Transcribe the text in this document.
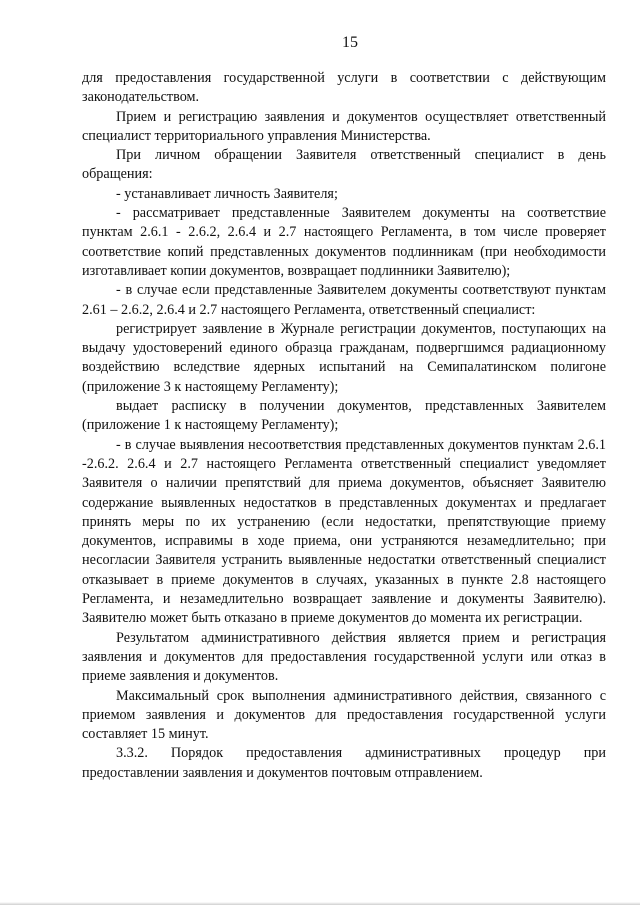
15

для предоставления государственной услуги в соответствии с действующим законодательством.

Прием и регистрацию заявления и документов осуществляет ответственный специалист территориального управления Министерства.

При личном обращении Заявителя ответственный специалист в день обращения:

- устанавливает личность Заявителя;

- рассматривает представленные Заявителем документы на соответствие пунктам 2.6.1 - 2.6.2, 2.6.4 и 2.7 настоящего Регламента, в том числе проверяет соответствие копий представленных документов подлинникам (при необходимости изготавливает копии документов, возвращает подлинники Заявителю);

- в случае если представленные Заявителем документы соответствуют пунктам 2.61 – 2.6.2, 2.6.4 и 2.7 настоящего Регламента, ответственный специалист:

регистрирует заявление в Журнале регистрации документов, поступающих на выдачу удостоверений единого образца гражданам, подвергшимся радиационному воздействию вследствие ядерных испытаний на Семипалатинском полигоне (приложение 3 к настоящему Регламенту);

выдает расписку в получении документов, представленных Заявителем (приложение 1 к настоящему Регламенту);

- в случае выявления несоответствия представленных документов пунктам 2.6.1 -2.6.2. 2.6.4 и 2.7 настоящего Регламента ответственный специалист уведомляет Заявителя о наличии препятствий для приема документов, объясняет Заявителю содержание выявленных недостатков в представленных документах и предлагает принять меры по их устранению (если недостатки, препятствующие приему документов, исправимы в ходе приема, они устраняются незамедлительно; при несогласии Заявителя устранить выявленные недостатки ответственный специалист отказывает в приеме документов в случаях, указанных в пункте 2.8 настоящего Регламента, и незамедлительно возвращает заявление и документы Заявителю). Заявителю может быть отказано в приеме документов до момента их регистрации.

Результатом административного действия является прием и регистрация заявления и документов для предоставления государственной услуги или отказ в приеме заявления и документов.

Максимальный срок выполнения административного действия, связанного с приемом заявления и документов для предоставления государственной услуги составляет 15 минут.

3.3.2. Порядок предоставления административных процедур при предоставлении заявления и документов почтовым отправлением.
